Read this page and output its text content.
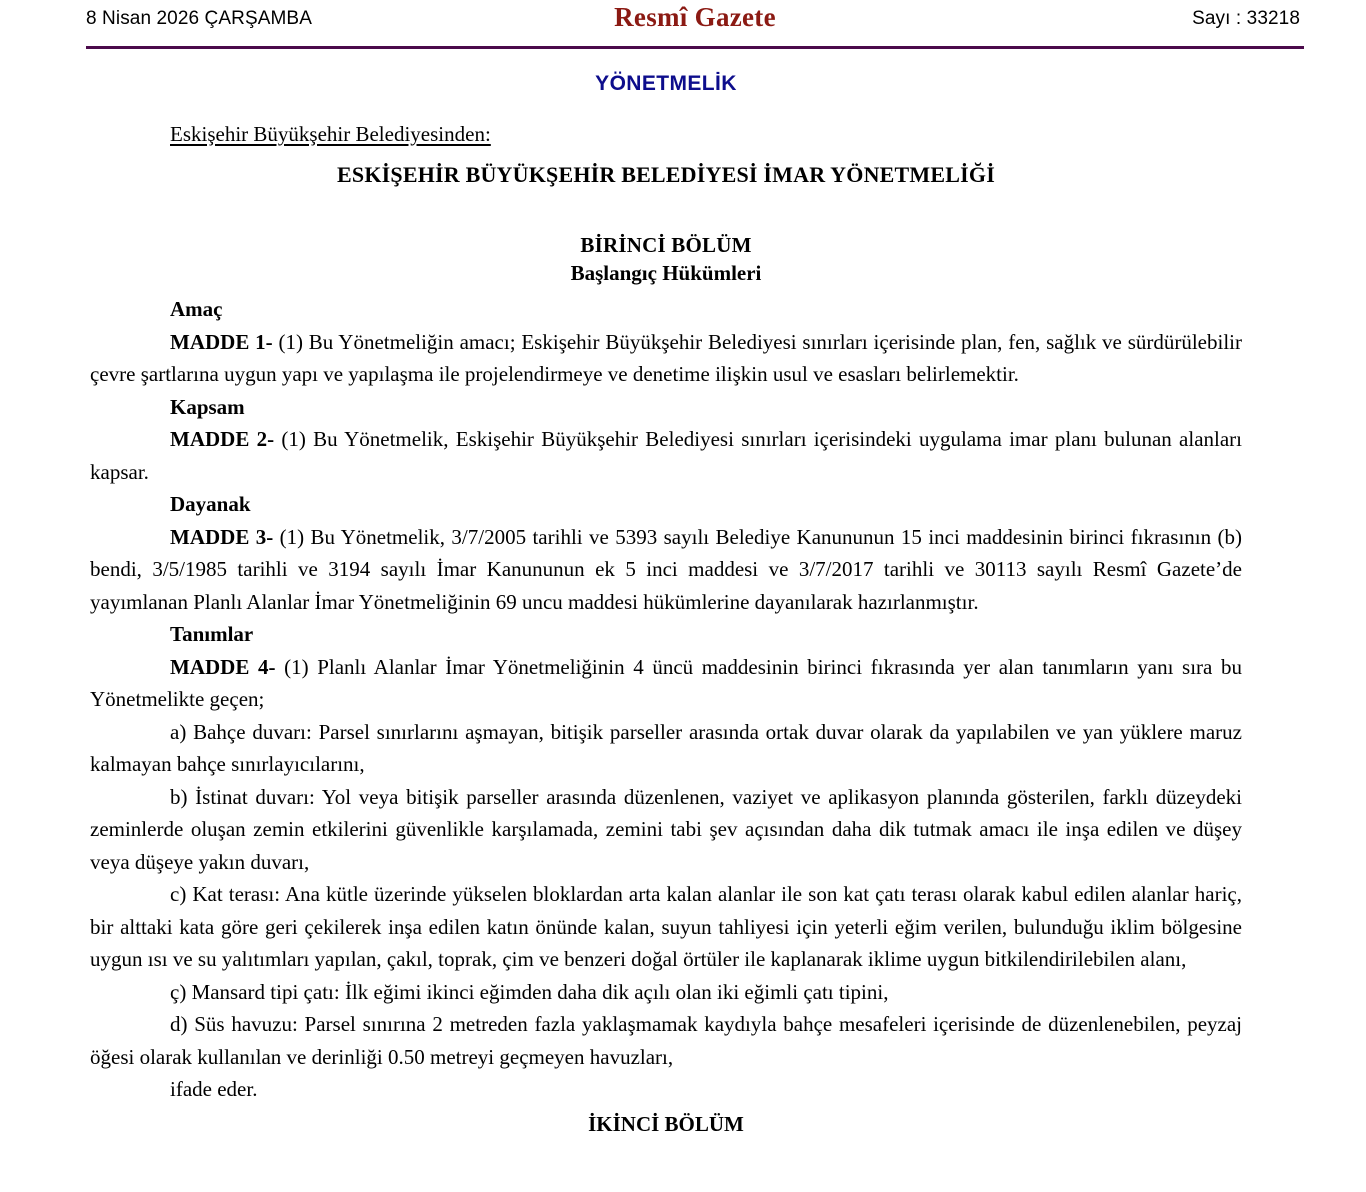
8 Nisan 2026 ÇARŞAMBA	Resmî Gazete	Sayı : 33218
YÖNETMELİK
Eskişehir Büyükşehir Belediyesinden:
ESKİŞEHİR BÜYÜKŞEHİR BELEDİYESİ İMAR YÖNETMELİĞİ
BİRİNCİ BÖLÜM
Başlangıç Hükümleri
Amaç

MADDE 1- (1) Bu Yönetmeliğin amacı; Eskişehir Büyükşehir Belediyesi sınırları içerisinde plan, fen, sağlık ve sürdürülebilir çevre şartlarına uygun yapı ve yapılaşma ile projelendirmeye ve denetime ilişkin usul ve esasları belirlemektir.

Kapsam

MADDE 2- (1) Bu Yönetmelik, Eskişehir Büyükşehir Belediyesi sınırları içerisindeki uygulama imar planı bulunan alanları kapsar.

Dayanak

MADDE 3- (1) Bu Yönetmelik, 3/7/2005 tarihli ve 5393 sayılı Belediye Kanununun 15 inci maddesinin birinci fıkrasının (b) bendi, 3/5/1985 tarihli ve 3194 sayılı İmar Kanununun ek 5 inci maddesi ve 3/7/2017 tarihli ve 30113 sayılı Resmî Gazete’de yayımlanan Planlı Alanlar İmar Yönetmeliğinin 69 uncu maddesi hükümlerine dayanılarak hazırlanmıştır.

Tanımlar

MADDE 4- (1) Planlı Alanlar İmar Yönetmeliğinin 4 üncü maddesinin birinci fıkrasında yer alan tanımların yanı sıra bu Yönetmelikte geçen;

a) Bahçe duvarı: Parsel sınırlarını aşmayan, bitişik parseller arasında ortak duvar olarak da yapılabilen ve yan yüklere maruz kalmayan bahçe sınırlayıcılarını,

b) İstinat duvarı: Yol veya bitişik parseller arasında düzenlenen, vaziyet ve aplikasyon planında gösterilen, farklı düzeydeki zeminlerde oluşan zemin etkilerini güvenlikle karşılamada, zemini tabi şev açısından daha dik tutmak amacı ile inşa edilen ve düşey veya düşeye yakın duvarı,

c) Kat terası: Ana kütle üzerinde yükselen bloklardan arta kalan alanlar ile son kat çatı terası olarak kabul edilen alanlar hariç, bir alttaki kata göre geri çekilerek inşa edilen katın önünde kalan, suyun tahliyesi için yeterli eğim verilen, bulunduğu iklim bölgesine uygun ısı ve su yalıtımları yapılan, çakıl, toprak, çim ve benzeri doğal örtüler ile kaplanarak iklime uygun bitkilendirilebilen alanı,

ç) Mansard tipi çatı: İlk eğimi ikinci eğimden daha dik açılı olan iki eğimli çatı tipini,

d) Süs havuzu: Parsel sınırına 2 metreden fazla yaklaşmamak kaydıyla bahçe mesafeleri içerisinde de düzenlenebilen, peyzaj öğesi olarak kullanılan ve derinliği 0.50 metreyi geçmeyen havuzları,

ifade eder.

İKİNCİ BÖLÜM
